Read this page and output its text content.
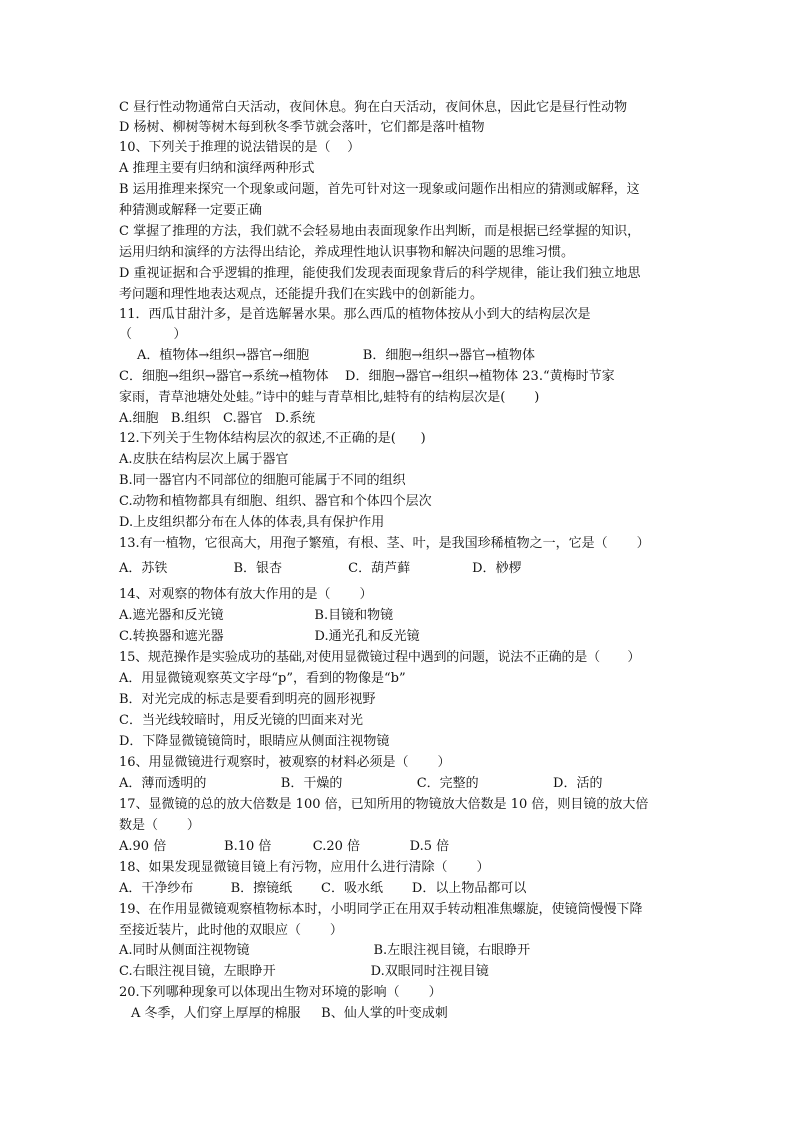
C 昼行性动物通常白天活动，夜间休息。狗在白天活动，夜间休息，因此它是昼行性动物
D 杨树、柳树等树木每到秋冬季节就会落叶，它们都是落叶植物
10、下列关于推理的说法错误的是（    ）
A 推理主要有归纳和演绎两种形式
B 运用推理来探究一个现象或问题，首先可针对这一现象或问题作出相应的猜测或解释，这
种猜测或解释一定要正确
C 掌握了推理的方法，我们就不会轻易地由表面现象作出判断，而是根据已经掌握的知识，
运用归纳和演绎的方法得出结论，养成理性地认识事物和解决问题的思维习惯。
D 重视证据和合乎逻辑的推理，能使我们发现表面现象背后的科学规律，能让我们独立地思
考问题和理性地表达观点，还能提升我们在实践中的创新能力。
11．西瓜甘甜汁多，是首选解暑水果。那么西瓜的植物体按从小到大的结构层次是
（          ）
A．植物体→组织→器官→细胞             B．细胞→组织→器官→植物体
C．细胞→组织→器官→系统→植物体    D．细胞→器官→组织→植物体 23.“黄梅时节家
家雨，青草池塘处处蛙。”诗中的蛙与青草相比,蛙特有的结构层次是(       )
A.细胞   B.组织   C.器官   D.系统
12.下列关于生物体结构层次的叙述,不正确的是(      )
A.皮肤在结构层次上属于器官
B.同一器官内不同部位的细胞可能属于不同的组织
C.动物和植物都具有细胞、组织、器官和个体四个层次
D.上皮组织都分布在人体的体表,具有保护作用
13.有一植物，它很高大，用孢子繁殖，有根、茎、叶，是我国珍稀植物之一，它是（       ）
A．苏铁                B．银杏                C．葫芦藓               D．桫椤
14、对观察的物体有放大作用的是（       ）
A.遮光器和反光镜                      B.目镜和物镜
C.转换器和遮光器                      D.通光孔和反光镜
15、规范操作是实验成功的基础,对使用显微镜过程中遇到的问题，说法不正确的是（       ）
A．用显微镜观察英文字母“p”，看到的物像是“b”
B．对光完成的标志是要看到明亮的圆形视野
C．当光线较暗时，用反光镜的凹面来对光
D．下降显微镜镜筒时，眼睛应从侧面注视物镜
16、用显微镜进行观察时，被观察的材料必须是（       ）
A．薄而透明的                  B．干燥的                  C．完整的                  D．活的
17、显微镜的总的放大倍数是 100 倍，已知所用的物镜放大倍数是 10 倍，则目镜的放大倍
数是（       ）
A.90 倍              B.10 倍          C.20 倍            D.5 倍
18、如果发现显微镜目镜上有污物，应用什么进行清除（       ）
A．干净纱布         B．擦镜纸       C．吸水纸       D．以上物品都可以
19、在作用显微镜观察植物标本时，小明同学正在用双手转动粗准焦螺旋，使镜筒慢慢下降
至接近装片，此时他的双眼应（       ）
A.同时从侧面注视物镜                              B.左眼注视目镜，右眼睁开
C.右眼注视目镜，左眼睁开                       D.双眼同时注视目镜
20.下列哪种现象可以体现出生物对环境的影响（       ）
A 冬季，人们穿上厚厚的棉服     B、仙人掌的叶变成刺
